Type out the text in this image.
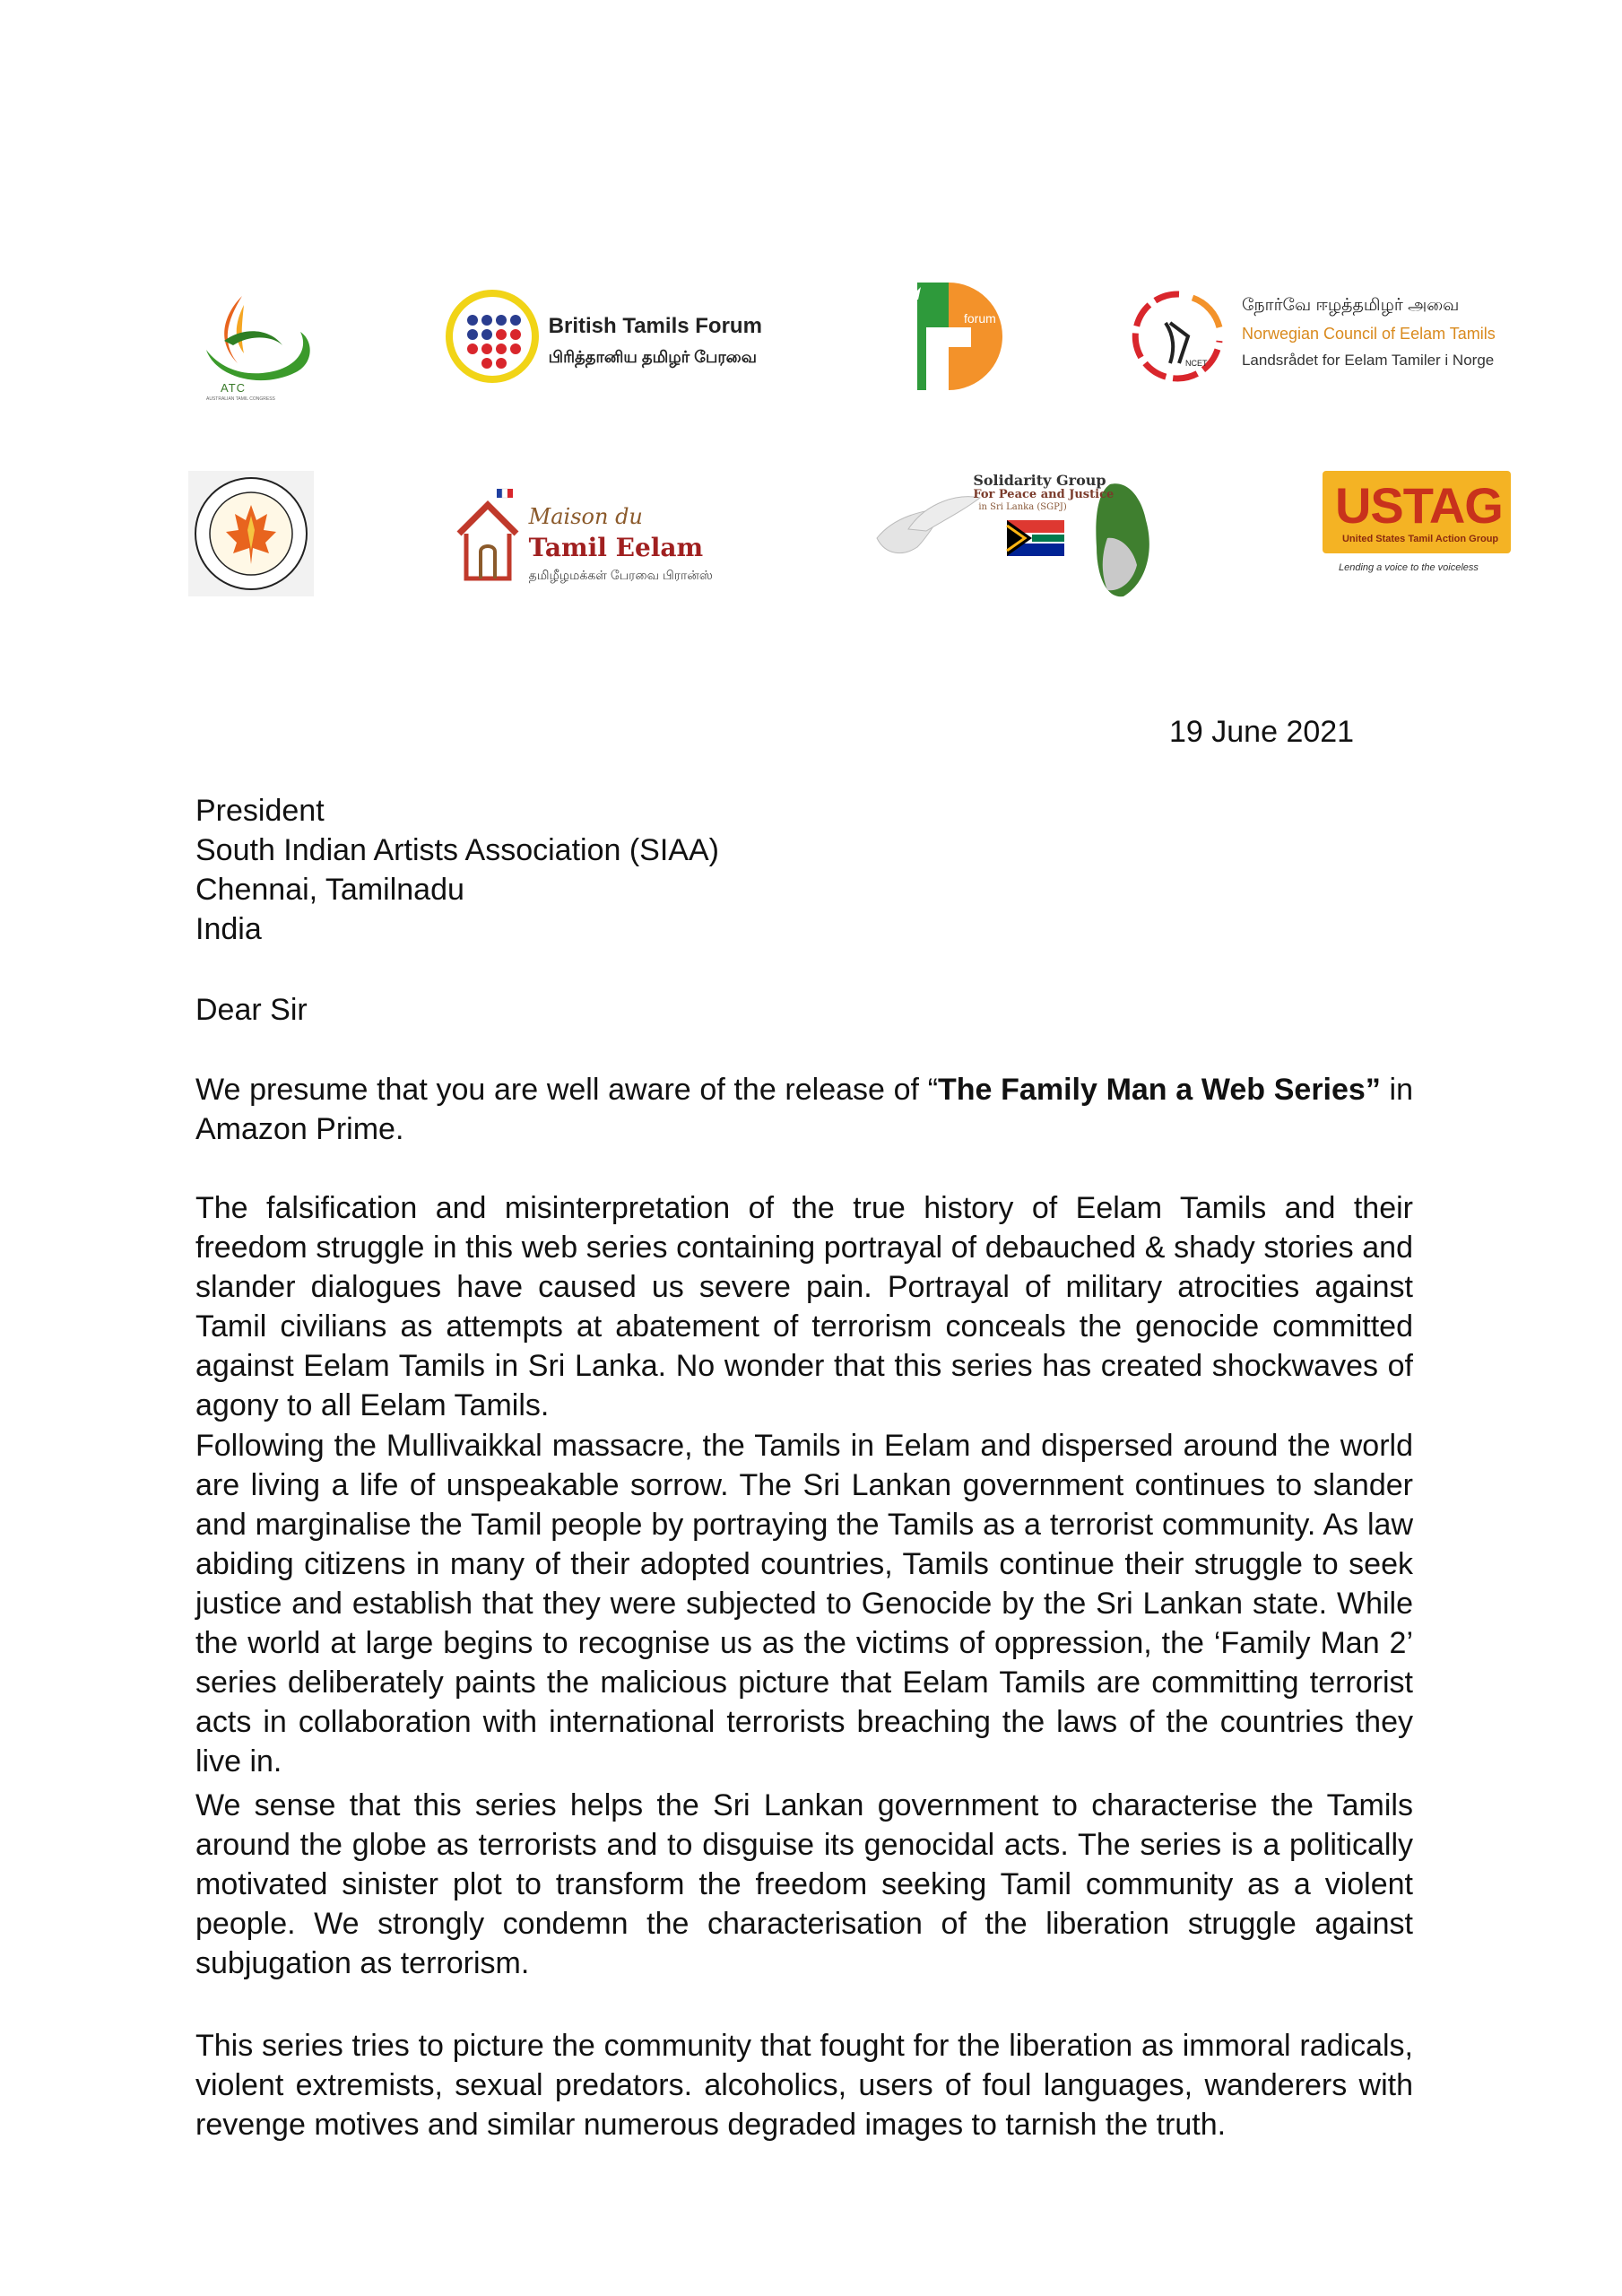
ATC
AUSTRALIAN TAMIL CONGRESS
British Tamils Forum
பிரித்தானிய தமிழர் பேரவை
forum
NCET
நோர்வே ஈழத்தமிழர் அவை
Norwegian Council of Eelam Tamils
Landsrådet for Eelam Tamiler i Norge
Maison du
Tamil Eelam
தமிழீழமக்கள் பேரவை பிரான்ஸ்
Solidarity Group
For Peace and Justice
in Sri Lanka (SGPJ)	USTAG
United States Tamil Action Group
Lending a voice to the voiceless
19 June 2021
President
South Indian Artists Association (SIAA)
Chennai, Tamilnadu
India
Dear Sir

We presume that you are well aware of the release of “The Family Man a Web Series” in Amazon Prime.

The falsification and misinterpretation of the true history of Eelam Tamils and their freedom struggle in this web series containing portrayal of debauched & shady stories and slander dialogues have caused us severe pain. Portrayal of military atrocities against Tamil civilians as attempts at abatement of terrorism conceals the genocide committed against Eelam Tamils in Sri Lanka. No wonder that this series has created shockwaves of agony to all Eelam Tamils.

Following the Mullivaikkal massacre, the Tamils in Eelam and dispersed around the world are living a life of unspeakable sorrow. The Sri Lankan government continues to slander and marginalise the Tamil people by portraying the Tamils as a terrorist community. As law abiding citizens in many of their adopted countries, Tamils continue their struggle to seek justice and establish that they were subjected to Genocide by the Sri Lankan state. While the world at large begins to recognise us as the victims of oppression, the ‘Family Man 2’ series deliberately paints the malicious picture that Eelam Tamils are committing terrorist acts in collaboration with international terrorists breaching the laws of the countries they live in.

We sense that this series helps the Sri Lankan government to characterise the Tamils around the globe as terrorists and to disguise its genocidal acts. The series is a politically motivated sinister plot to transform the freedom seeking Tamil community as a violent people. We strongly condemn the characterisation of the liberation struggle against subjugation as terrorism.

This series tries to picture the community that fought for the liberation as immoral radicals, violent extremists, sexual predators. alcoholics, users of foul languages, wanderers with revenge motives and similar numerous degraded images to tarnish the truth.
